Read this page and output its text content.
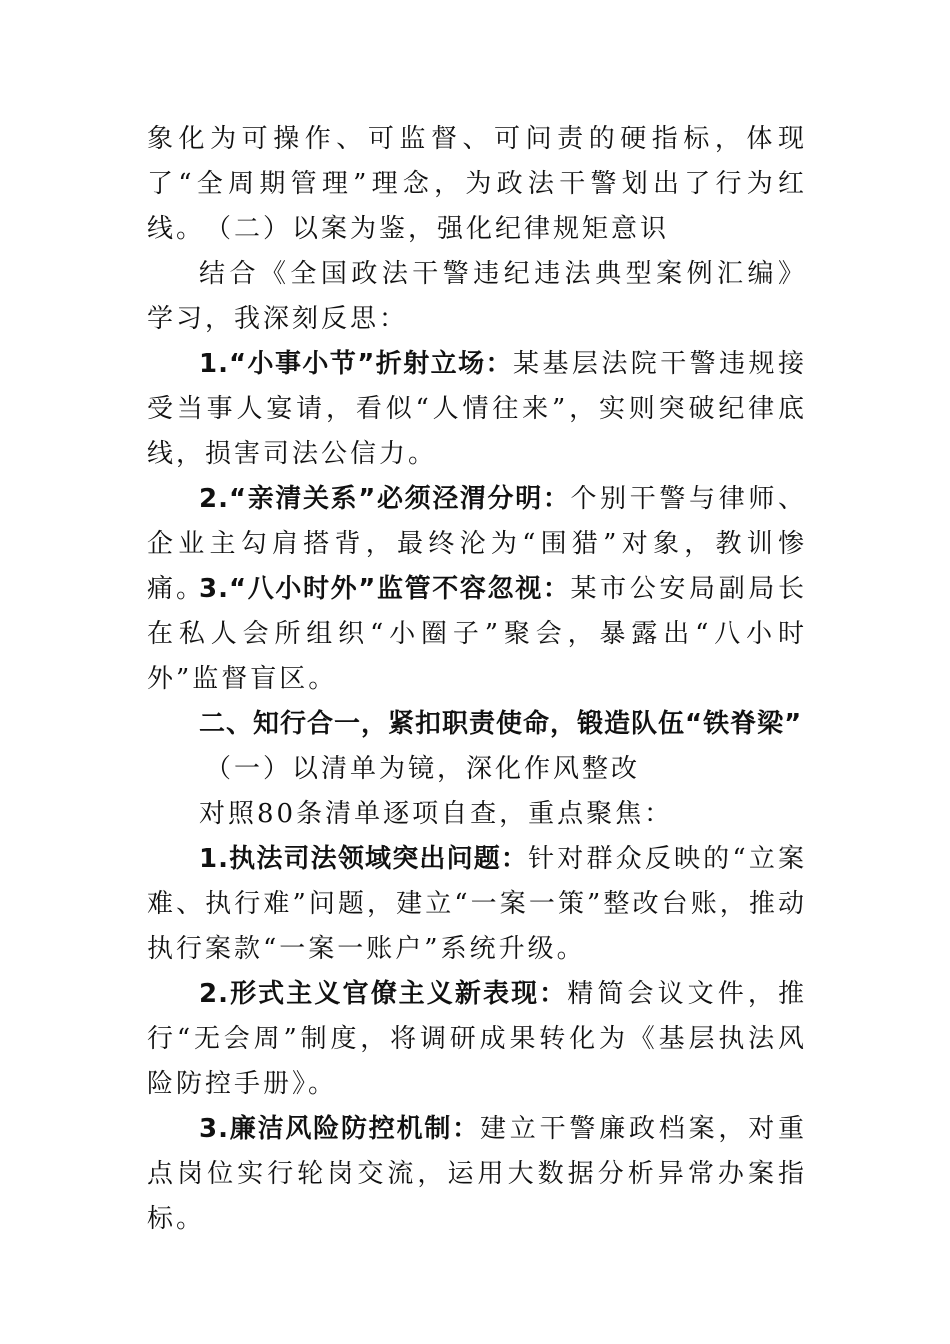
象化为可操作、可监督、可问责的硬指标，体现了“全周期管理”理念，为政法干警划出了行为红线。 （二）以案为鉴，强化纪律规矩意识

结合《全国政法干警违纪违法典型案例汇编》学习，我深刻反思：

1.“小事小节”折射立场：某基层法院干警违规接受当事人宴请，看似“人情往来”，实则突破纪律底线，损害司法公信力。

2.“亲清关系”必须泾渭分明：个别干警与律师、企业主勾肩搭背，最终沦为“围猎”对象，教训惨痛。

3.“八小时外”监管不容忽视：某市公安局副局长在私人会所组织“小圈子”聚会，暴露出“八小时外”监督盲区。

二、知行合一，紧扣职责使命，锻造队伍“铁脊梁”

（一）以清单为镜，深化作风整改

对照80条清单逐项自查，重点聚焦：

1.执法司法领域突出问题：针对群众反映的“立案难、执行难”问题，建立“一案一策”整改台账，推动执行案款“一案一账户”系统升级。

2.形式主义官僚主义新表现：精简会议文件，推行“无会周”制度，将调研成果转化为《基层执法风险防控手册》。

3.廉洁风险防控机制：建立干警廉政档案，对重点岗位实行轮岗交流，运用大数据分析异常办案指标。
